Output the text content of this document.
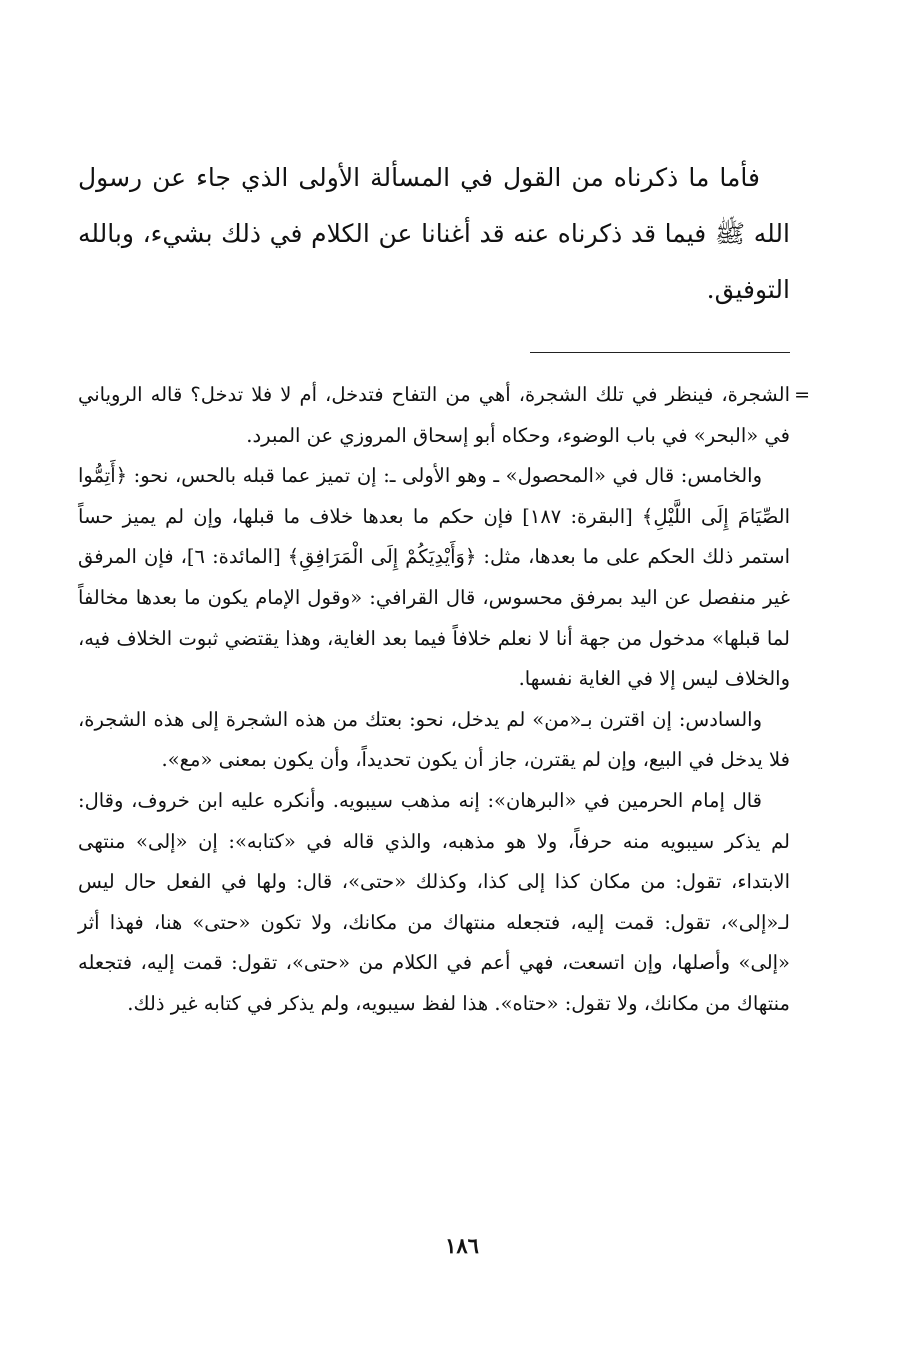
فأما ما ذكرناه من القول في المسألة الأولى الذي جاء عن رسول الله ﷺ فيما قد ذكرناه عنه قد أغنانا عن الكلام في ذلك بشيء، وبالله التوفيق.

=

الشجرة، فينظر في تلك الشجرة، أهي من التفاح فتدخل، أم لا فلا تدخل؟ قاله الروياني في «البحر» في باب الوضوء، وحكاه أبو إسحاق المروزي عن المبرد.

والخامس: قال في «المحصول» ـ وهو الأولى ـ: إن تميز عما قبله بالحس، نحو: ﴿أَتِمُّوا الصِّيَامَ إِلَى اللَّيْلِ﴾ [البقرة: ١٨٧] فإن حكم ما بعدها خلاف ما قبلها، وإن لم يميز حساً استمر ذلك الحكم على ما بعدها، مثل: ﴿وَأَيْدِيَكُمْ إِلَى الْمَرَافِقِ﴾ [المائدة: ٦]، فإن المرفق غير منفصل عن اليد بمرفق محسوس، قال القرافي: «وقول الإمام يكون ما بعدها مخالفاً لما قبلها» مدخول من جهة أنا لا نعلم خلافاً فيما بعد الغاية، وهذا يقتضي ثبوت الخلاف فيه، والخلاف ليس إلا في الغاية نفسها.

والسادس: إن اقترن بـ«من» لم يدخل، نحو: بعتك من هذه الشجرة إلى هذه الشجرة، فلا يدخل في البيع، وإن لم يقترن، جاز أن يكون تحديداً، وأن يكون بمعنى «مع».

قال إمام الحرمين في «البرهان»: إنه مذهب سيبويه. وأنكره عليه ابن خروف، وقال: لم يذكر سيبويه منه حرفاً، ولا هو مذهبه، والذي قاله في «كتابه»: إن «إلى» منتهى الابتداء، تقول: من مكان كذا إلى كذا، وكذلك «حتى»، قال: ولها في الفعل حال ليس لـ«إلى»، تقول: قمت إليه، فتجعله منتهاك من مكانك، ولا تكون «حتى» هنا، فهذا أثر «إلى» وأصلها، وإن اتسعت، فهي أعم في الكلام من «حتى»، تقول: قمت إليه، فتجعله منتهاك من مكانك، ولا تقول: «حتاه». هذا لفظ سيبويه، ولم يذكر في كتابه غير ذلك.

١٨٦
